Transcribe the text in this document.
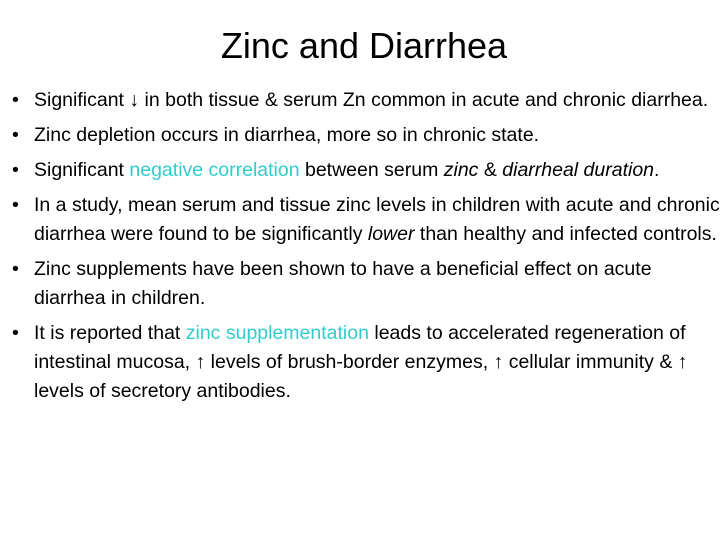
Zinc and Diarrhea
• Significant ↓ in both tissue & serum Zn common in acute and chronic diarrhea.
• Zinc depletion occurs in diarrhea, more so in chronic state.
• Significant negative correlation between serum zinc & diarrheal duration.
• In a study, mean serum and tissue zinc levels in children with acute and chronic diarrhea were found to be significantly lower than healthy and infected controls.
• Zinc supplements have been shown to have a beneficial effect on acute diarrhea in children.
• It is reported that zinc supplementation leads to accelerated regeneration of intestinal mucosa, ↑ levels of brush-border enzymes, ↑ cellular immunity & ↑ levels of secretory antibodies.
